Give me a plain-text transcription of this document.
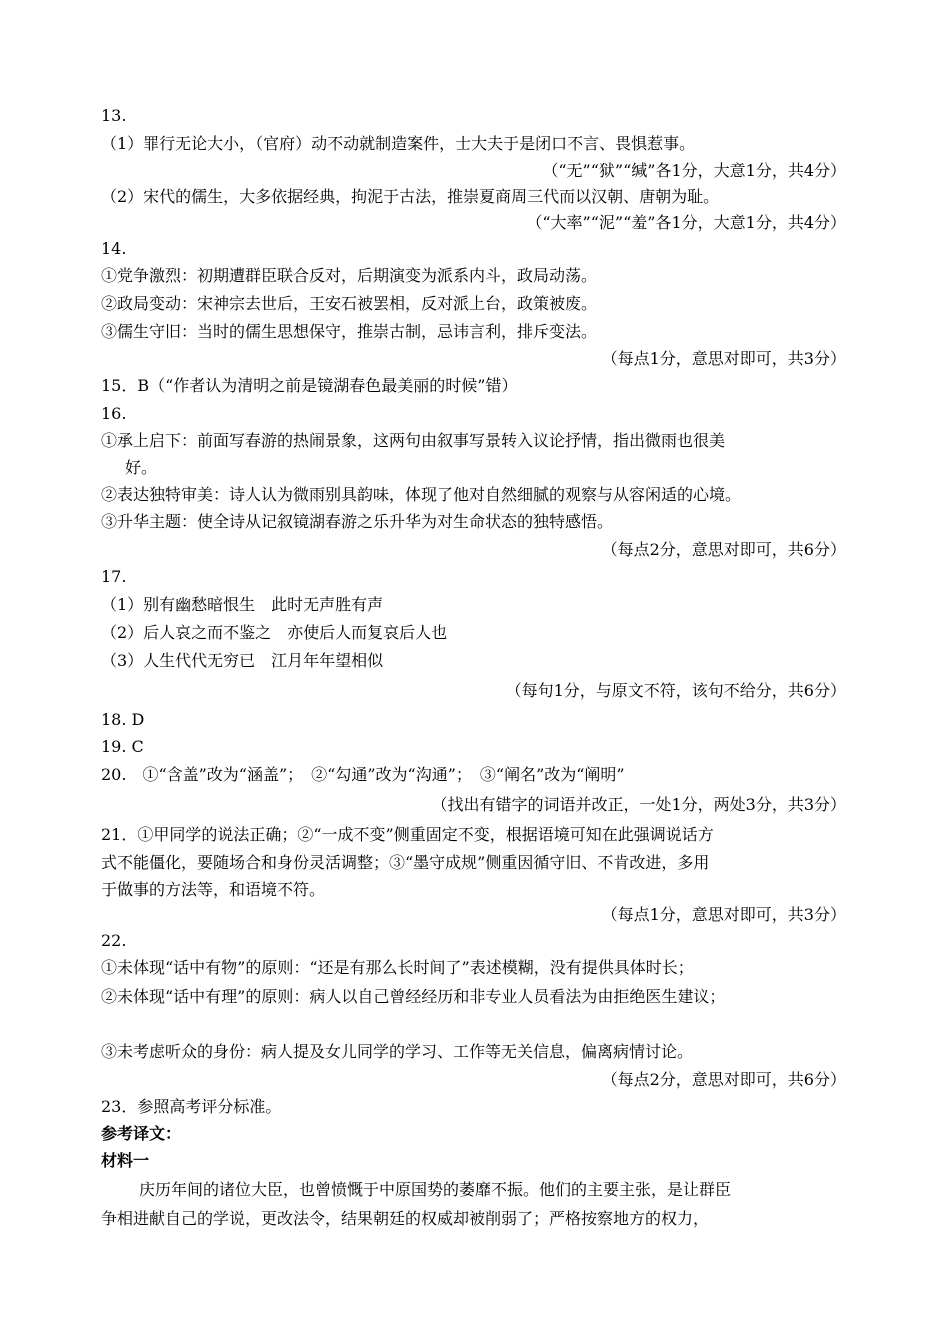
13.
（1）罪行无论大小，（官府）动不动就制造案件，士大夫于是闭口不言、畏惧惹事。
（“无”“狱”“缄”各1分，大意1分，共4分）
（2）宋代的儒生，大多依据经典，拘泥于古法，推崇夏商周三代而以汉朝、唐朝为耻。
（“大率”“泥”“羞”各1分，大意1分，共4分）
14.
①党争激烈：初期遭群臣联合反对，后期演变为派系内斗，政局动荡。
②政局变动：宋神宗去世后，王安石被罢相，反对派上台，政策被废。
③儒生守旧：当时的儒生思想保守，推崇古制，忌讳言利，排斥变法。
（每点1分，意思对即可，共3分）
15．B（“作者认为清明之前是镜湖春色最美丽的时候”错）
16.
①承上启下：前面写春游的热闹景象，这两句由叙事写景转入议论抒情，指出微雨也很美
好。
②表达独特审美：诗人认为微雨别具韵味，体现了他对自然细腻的观察与从容闲适的心境。
③升华主题：使全诗从记叙镜湖春游之乐升华为对生命状态的独特感悟。
（每点2分，意思对即可，共6分）
17.
（1）别有幽愁暗恨生　此时无声胜有声
（2）后人哀之而不鉴之　亦使后人而复哀后人也
（3）人生代代无穷已　江月年年望相似
（每句1分，与原文不符，该句不给分，共6分）
18. D
19. C
20.　①“含盖”改为“涵盖”；　②“勾通”改为“沟通”；　③“阐名”改为“阐明”
（找出有错字的词语并改正，一处1分，两处3分，共3分）
21．①甲同学的说法正确；②“一成不变”侧重固定不变，根据语境可知在此强调说话方
式不能僵化，要随场合和身份灵活调整；③“墨守成规”侧重因循守旧、不肯改进，多用
于做事的方法等，和语境不符。
（每点1分，意思对即可，共3分）
22.
①未体现“话中有物”的原则：“还是有那么长时间了”表述模糊，没有提供具体时长；
②未体现“话中有理”的原则：病人以自己曾经经历和非专业人员看法为由拒绝医生建议；
③未考虑听众的身份：病人提及女儿同学的学习、工作等无关信息，偏离病情讨论。
（每点2分，意思对即可，共6分）
23．参照高考评分标准。
参考译文：
材料一
庆历年间的诸位大臣，也曾愤慨于中原国势的萎靡不振。他们的主要主张，是让群臣
争相进献自己的学说，更改法令，结果朝廷的权威却被削弱了；严格按察地方的权力，
